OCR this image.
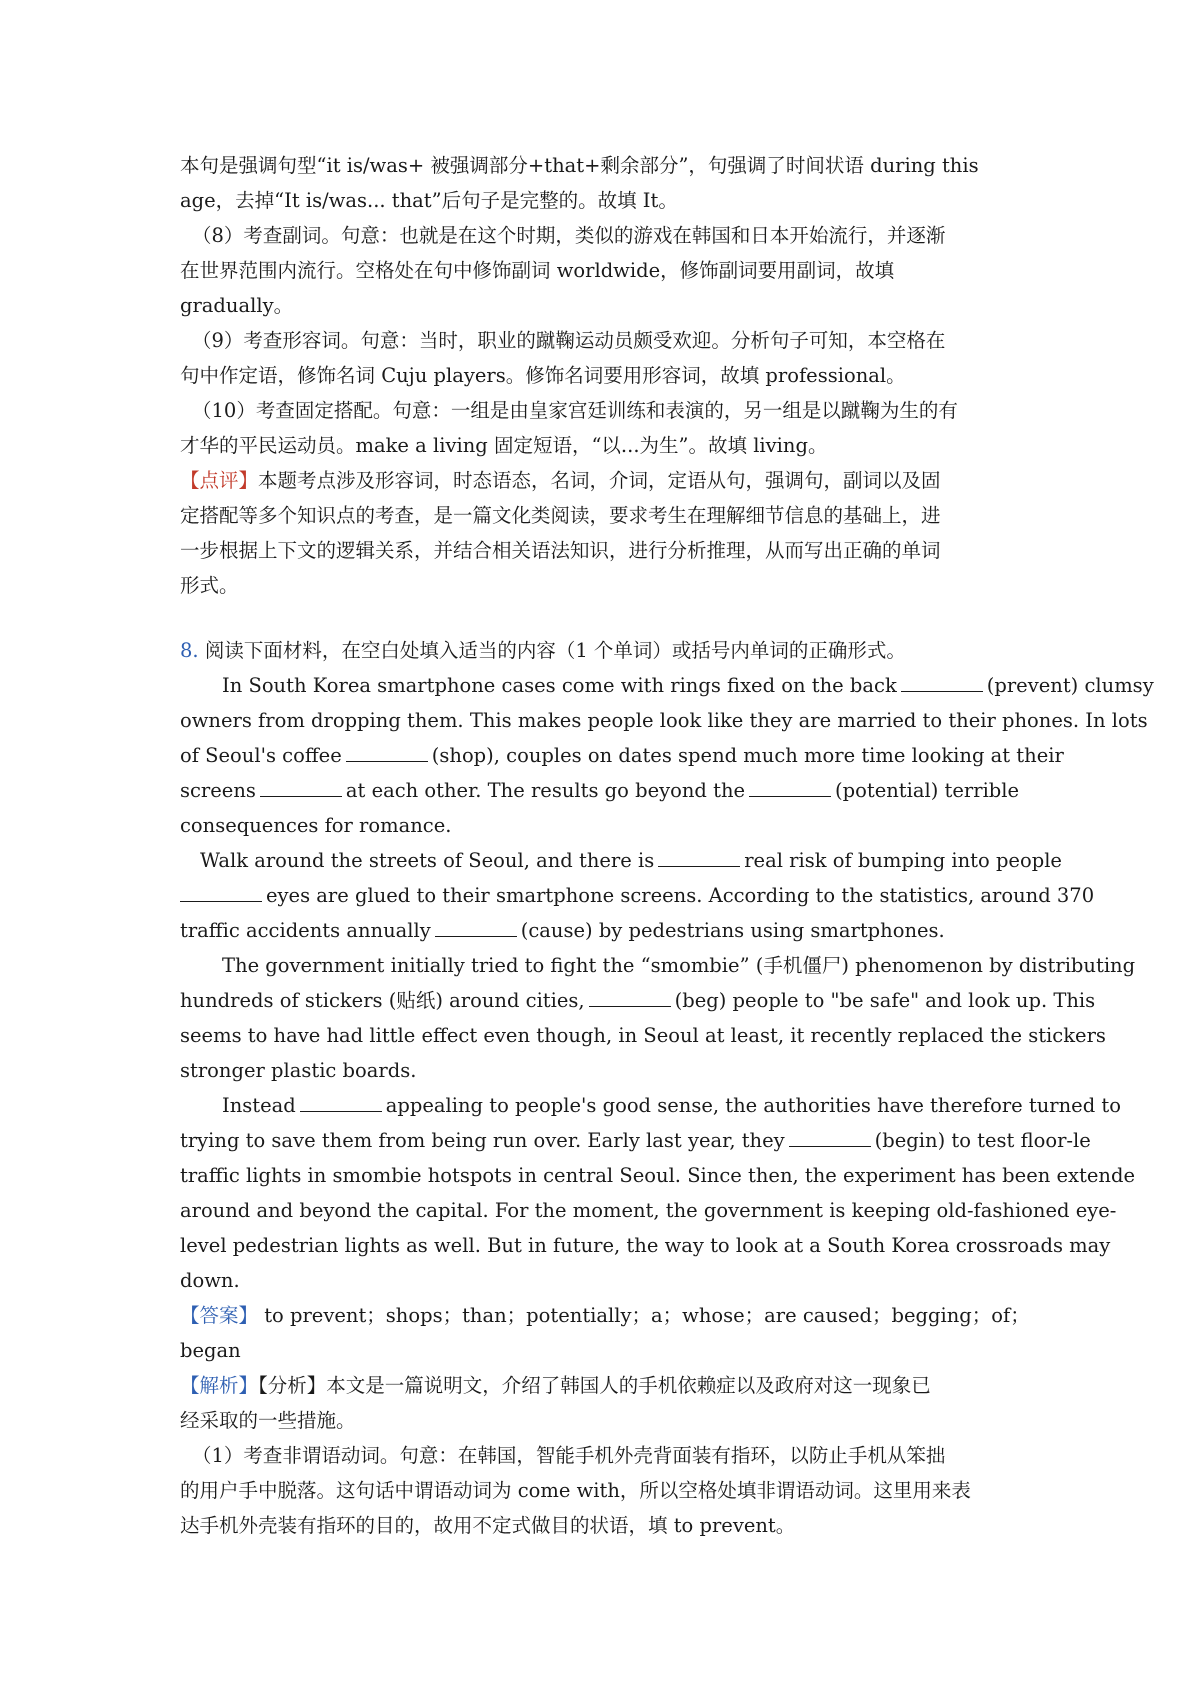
本句是强调句型“it is/was+ 被强调部分+that+剩余部分”，句强调了时间状语 during this
age，去掉“It is/was... that”后句子是完整的。故填 It。
（8）考查副词。句意：也就是在这个时期，类似的游戏在韩国和日本开始流行，并逐渐
在世界范围内流行。空格处在句中修饰副词 worldwide，修饰副词要用副词，故填
gradually。
（9）考查形容词。句意：当时，职业的蹴鞠运动员颇受欢迎。分析句子可知，本空格在
句中作定语，修饰名词 Cuju players。修饰名词要用形容词，故填 professional。
（10）考查固定搭配。句意：一组是由皇家宫廷训练和表演的，另一组是以蹴鞠为生的有
才华的平民运动员。make a living 固定短语，“以...为生”。故填 living。
【点评】本题考点涉及形容词，时态语态，名词，介词，定语从句，强调句，副词以及固
定搭配等多个知识点的考查，是一篇文化类阅读，要求考生在理解细节信息的基础上，进
一步根据上下文的逻辑关系，并结合相关语法知识，进行分析推理，从而写出正确的单词
形式。
8. 阅读下面材料，在空白处填入适当的内容（1 个单词）或括号内单词的正确形式。
In South Korea smartphone cases come with rings fixed on the back	(prevent) clumsy
owners from dropping them. This makes people look like they are married to their phones. In lots
of Seoul's coffee	(shop), couples on dates spend much more time looking at their
screens	at each other. The results go beyond the	(potential) terrible
consequences for romance.
Walk around the streets of Seoul, and there is	real risk of bumping into people
eyes are glued to their smartphone screens. According to the statistics, around 370
traffic accidents annually	(cause) by pedestrians using smartphones.
The government initially tried to fight the “smombie” (手机僵尸) phenomenon by distributing
hundreds of stickers (贴纸) around cities,	(beg) people to "be safe" and look up. This
seems to have had little effect even though, in Seoul at least, it recently replaced the stickers
stronger plastic boards.
Instead	appealing to people's good sense, the authorities have therefore turned to
trying to save them from being run over. Early last year, they	(begin) to test floor-le
traffic lights in smombie hotspots in central Seoul. Since then, the experiment has been extende
around and beyond the capital. For the moment, the government is keeping old-fashioned eye-
level pedestrian lights as well. But in future, the way to look at a South Korea crossroads may
down.
【答案】 to prevent；shops；than；potentially；a；whose；are caused；begging；of；
began
【解析】【分析】本文是一篇说明文，介绍了韩国人的手机依赖症以及政府对这一现象已
经采取的一些措施。
（1）考查非谓语动词。句意：在韩国，智能手机外壳背面装有指环，以防止手机从笨拙
的用户手中脱落。这句话中谓语动词为 come with，所以空格处填非谓语动词。这里用来表
达手机外壳装有指环的目的，故用不定式做目的状语，填 to prevent。
